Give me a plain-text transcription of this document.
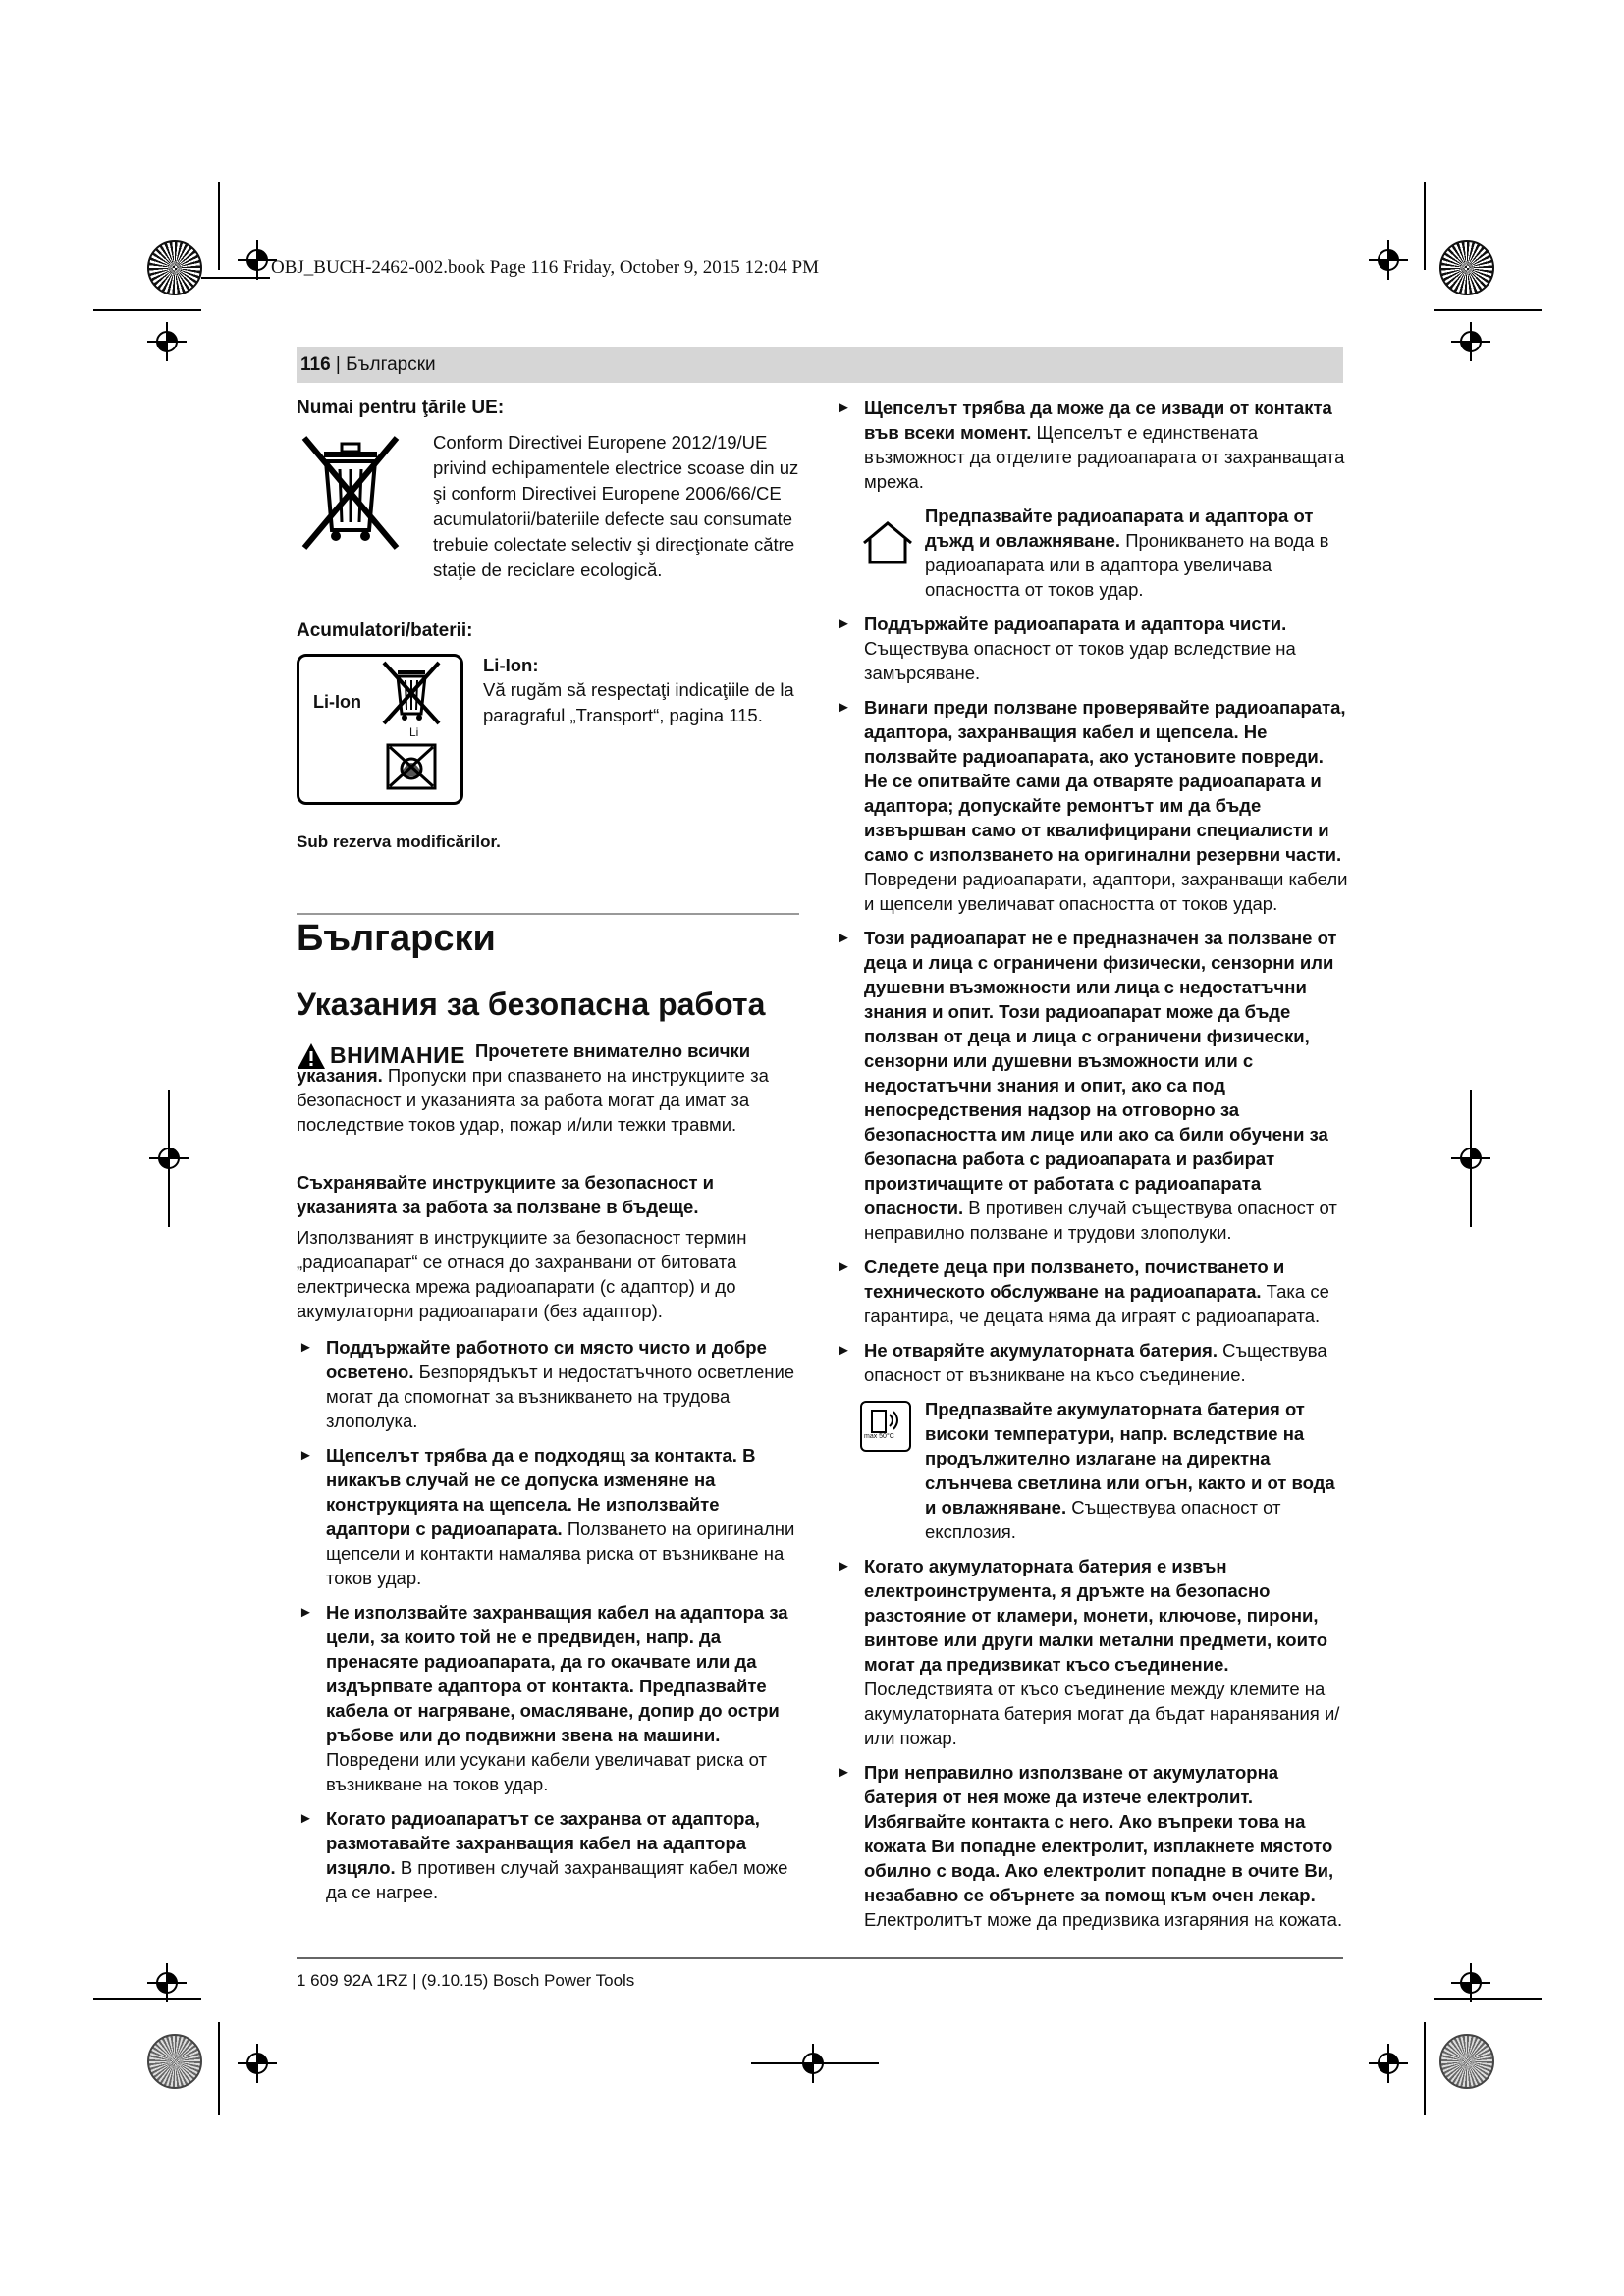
OBJ_BUCH-2462-002.book Page 116 Friday, October 9, 2015 12:04 PM
116 | Български
Numai pentru ţările UE:
Conform Directivei Europene 2012/19/UE privind echipamentele electrice scoase din uz şi conform Directivei Europene 2006/66/CE acumulatorii/bateriile defecte sau consumate trebuie colectate selectiv şi direcţionate către staţie de reciclare ecologică.
Acumulatori/baterii:
Li-Ion
Li
Li-Ion:
Vă rugăm să respectaţi indicaţiile de la paragraful „Transport“, pagina 115.
Sub rezerva modificărilor.
Български
Указания за безопасна работа
ВНИМАНИЕ Прочетете внимателно всички указания. Пропуски при спазването на инструкциите за безопасност и указанията за работа могат да имат за последствие токов удар, пожар и/или тежки травми.

Съхранявайте инструкциите за безопасност и указанията за работа за ползване в бъдеще.

Използваният в инструкциите за безопасност термин „радиоапарат“ се отнася до захранвани от битовата електрическа мрежа радиоапарати (с адаптор) и до акумулаторни радиоапарати (без адаптор).

► Поддържайте работното си място чисто и добре осветено. Безпорядъкът и недостатъчното осветление могат да спомогнат за възникването на трудова злополука.
► Щепселът трябва да е подходящ за контакта. В никакъв случай не се допуска изменяне на конструкцията на щепсела. Не използвайте адаптори с радиоапарата. Ползването на оригинални щепсели и контакти намалява риска от възникване на токов удар.
► Не използвайте захранващия кабел на адаптора за цели, за които той не е предвиден, напр. да пренасяте радиоапарата, да го окачвате или да издърпвате адаптора от контакта. Предпазвайте кабела от нагряване, омасляване, допир до остри ръбове или до подвижни звена на машини. Повредени или усукани кабели увеличават риска от възникване на токов удар.
► Когато радиоапаратът се захранва от адаптора, размотавайте захранващия кабел на адаптора изцяло. В противен случай захранващият кабел може да се нагрее.
► Щепселът трябва да може да се извади от контакта във всеки момент. Щепселът е единствената възможност да отделите радиоапарата от захранващата мрежа.
Предпазвайте радиоапарата и адаптора от дъжд и овлажняване. Проникването на вода в радиоапарата или в адаптора увеличава опасността от токов удар.
► Поддържайте радиоапарата и адаптора чисти. Съществува опасност от токов удар вследствие на замърсяване.
► Винаги преди ползване проверявайте радиоапарата, адаптора, захранващия кабел и щепсела. Не ползвайте радиоапарата, ако установите повреди. Не се опитвайте сами да отваряте радиоапарата и адаптора; допускайте ремонтът им да бъде извършван само от квалифицирани специалисти и само с използването на оригинални резервни части. Повредени радиоапарати, адаптори, захранващи кабели и щепсели увеличават опасността от токов удар.
► Този радиоапарат не е предназначен за ползване от деца и лица с ограничени физически, сензорни или душевни възможности или лица с недостатъчни знания и опит. Този радиоапарат може да бъде ползван от деца и лица с ограничени физически, сензорни или душевни възможности или с недостатъчни знания и опит, ако са под непосредствения надзор на отговорно за безопасността им лице или ако са били обучени за безопасна работа с радиоапарата и разбират произтичащите от работата с радиоапарата опасности. В противен случай съществува опасност от неправилно ползване и трудови злополуки.
► Следете деца при ползването, почистването и техническото обслужване на радиоапарата. Така се гарантира, че децата няма да играят с радиоапарата.
► Не отваряйте акумулаторната батерия. Съществува опасност от възникване на късо съединение.
max 50°C
Предпазвайте акумулаторната батерия от високи температури, напр. вследствие на продължително излагане на директна слънчева светлина или огън, както и от вода и овлажняване. Съществува опасност от експлозия.
► Когато акумулаторната батерия е извън електроинструмента, я дръжте на безопасно разстояние от кламери, монети, ключове, пирони, винтове или други малки метални предмети, които могат да предизвикат късо съединение. Последствията от късо съединение между клемите на акумулаторната батерия могат да бъдат наранявания и/или пожар.
► При неправилно използване от акумулаторна батерия от нея може да изтече електролит. Избягвайте контакта с него. Ако въпреки това на кожата Ви попадне електролит, изплакнете мястото обилно с вода. Ако електролит попадне в очите Ви, незабавно се обърнете за помощ към очен лекар. Електролитът може да предизвика изгаряния на кожата.
1 609 92A 1RZ | (9.10.15) Bosch Power Tools
